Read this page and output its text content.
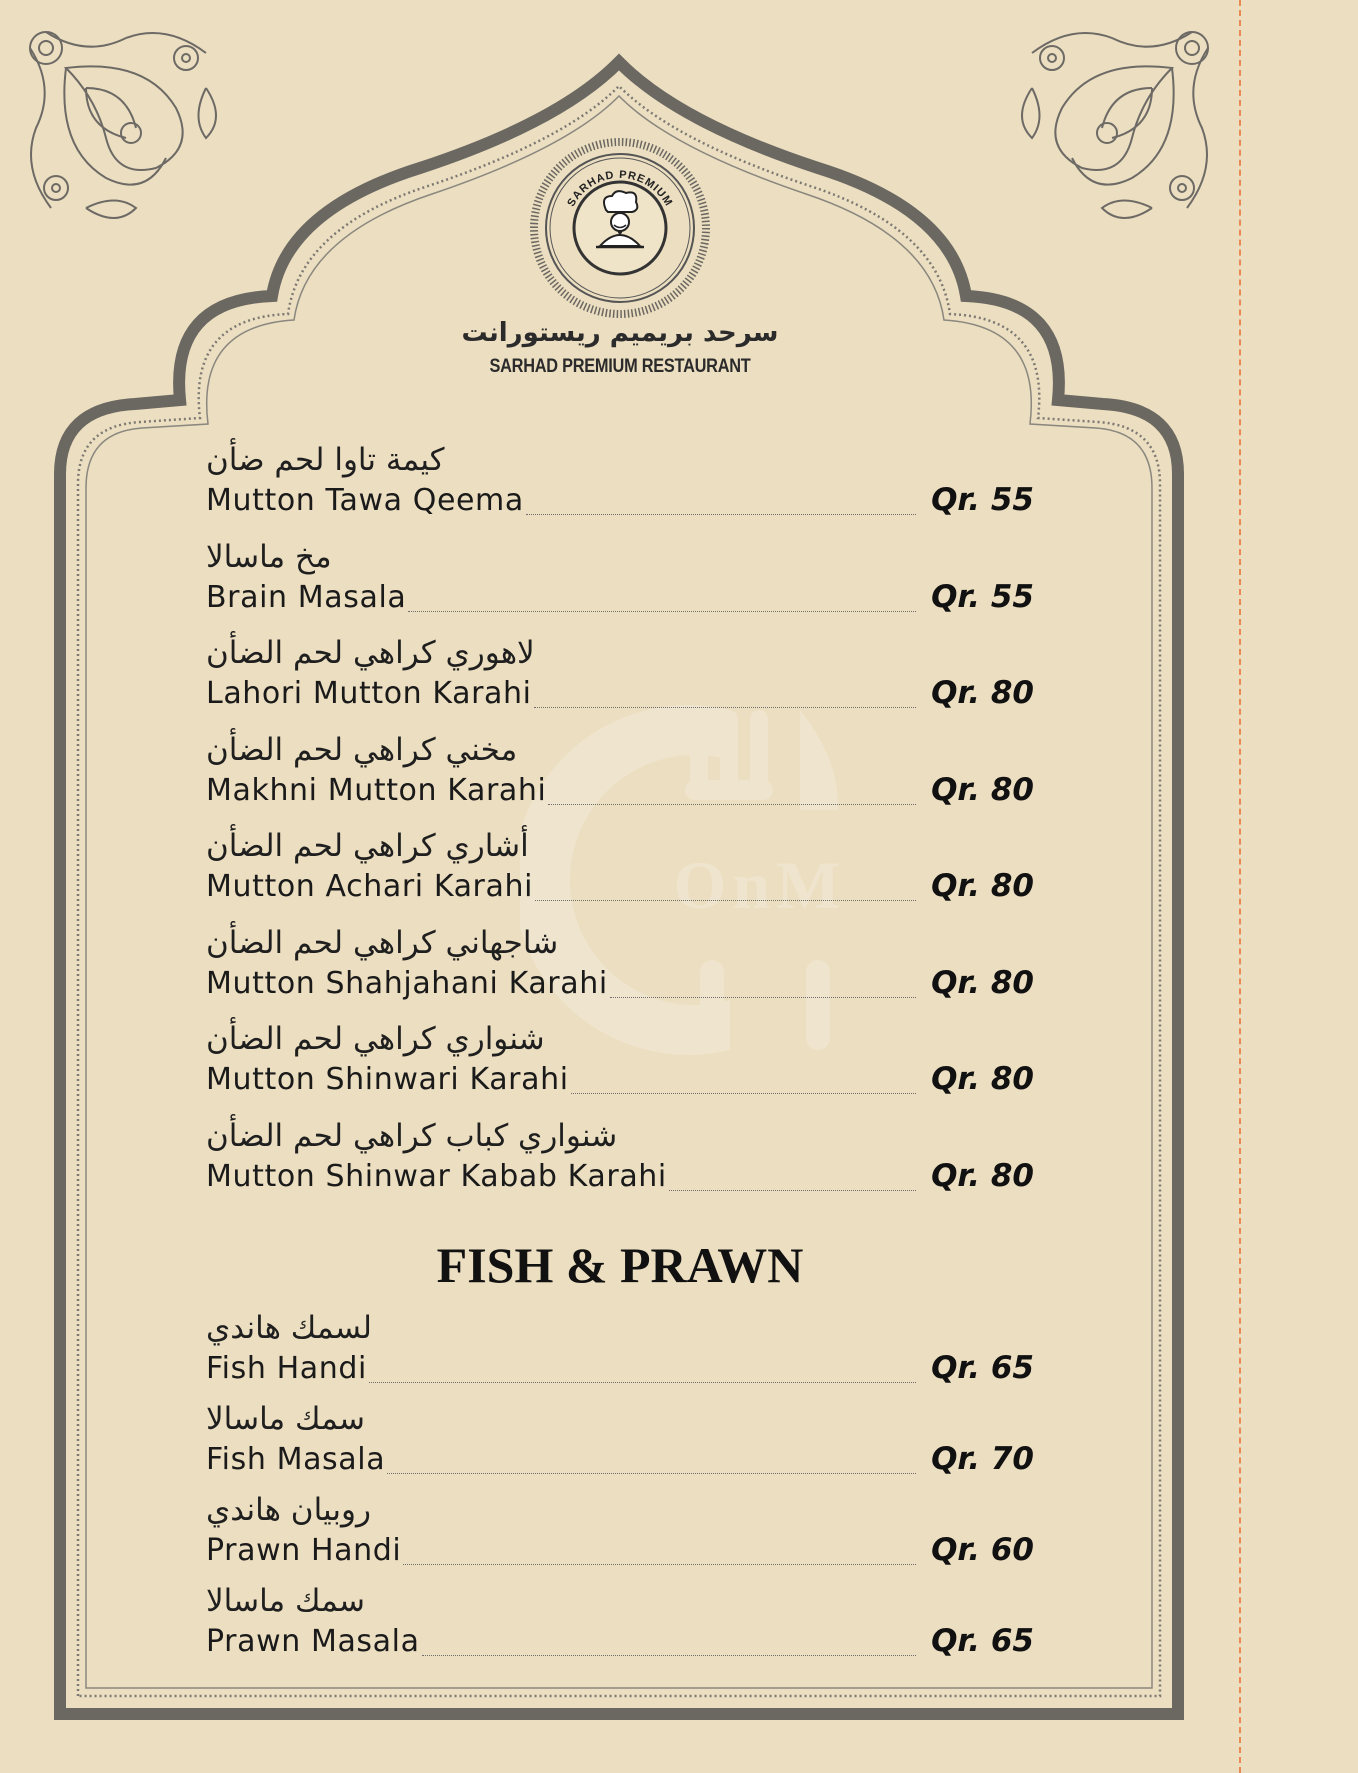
SARHAD PREMIUM
سرحد بريميم ريستورانت
SARHAD PREMIUM RESTAURANT
OnM
كيمة تاوا لحم ضأن
Mutton Tawa Qeema	Qr. 55
مخ ماسالا
Brain Masala	Qr. 55
لاهوري كراهي لحم الضأن
Lahori Mutton Karahi	Qr. 80
مخني كراهي لحم الضأن
Makhni Mutton Karahi	Qr. 80
أشاري كراهي لحم الضأن
Mutton Achari Karahi	Qr. 80
شاجهاني كراهي لحم الضأن
Mutton Shahjahani Karahi	Qr. 80
شنواري كراهي لحم الضأن
Mutton Shinwari Karahi	Qr. 80
شنواري كباب كراهي لحم الضأن
Mutton Shinwar Kabab Karahi	Qr. 80
FISH & PRAWN
لسمك هاندي
Fish Handi	Qr. 65
سمك ماسالا
Fish Masala	Qr. 70
روبيان هاندي
Prawn Handi	Qr. 60
سمك ماسالا
Prawn Masala	Qr. 65
